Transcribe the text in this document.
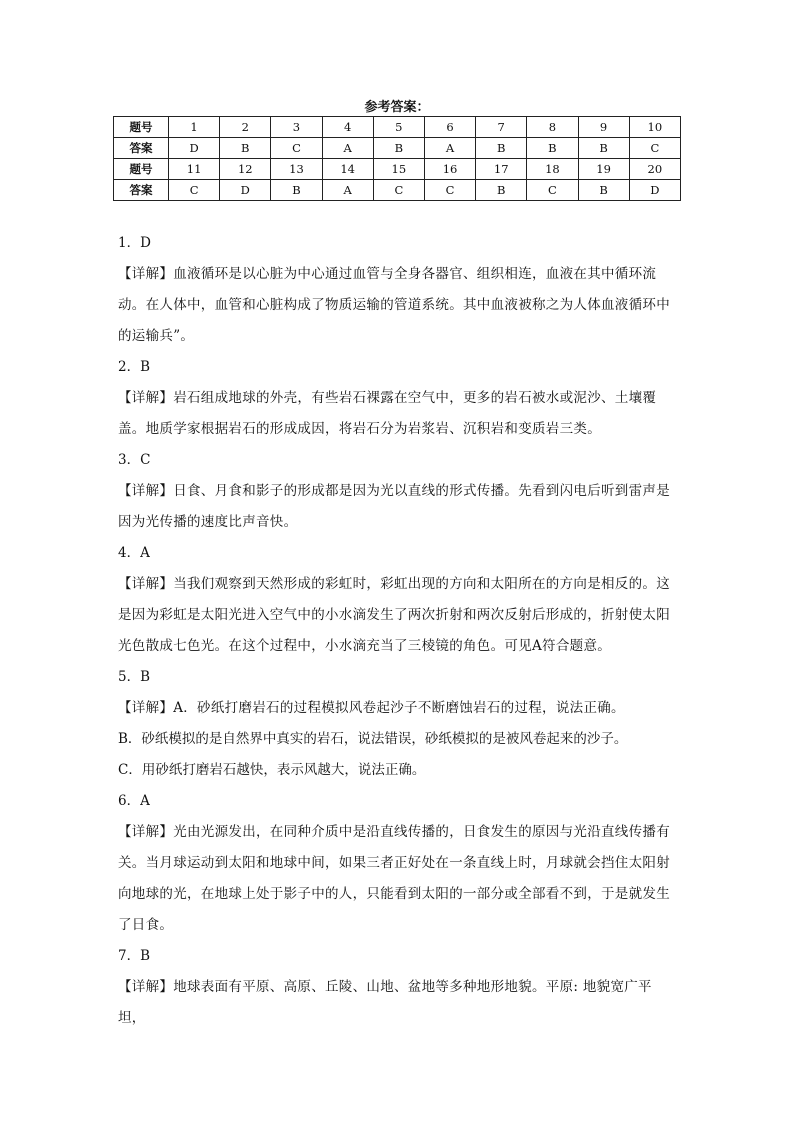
参考答案：
题号	1	2	3	4	5	6	7	8	9	10
答案	D	B	C	A	B	A	B	B	B	C
题号	11	12	13	14	15	16	17	18	19	20
答案	C	D	B	A	C	C	B	C	B	D
1．D
【详解】血液循环是以心脏为中心通过血管与全身各器官、组织相连，血液在其中循环流动。在人体中，血管和心脏构成了物质运输的管道系统。其中血液被称之为人体血液循环中的运输兵”。
2．B
【详解】岩石组成地球的外壳，有些岩石裸露在空气中，更多的岩石被水或泥沙、土壤覆盖。地质学家根据岩石的形成成因，将岩石分为岩浆岩、沉积岩和变质岩三类。
3．C
【详解】日食、月食和影子的形成都是因为光以直线的形式传播。先看到闪电后听到雷声是因为光传播的速度比声音快。
4．A
【详解】当我们观察到天然形成的彩虹时，彩虹出现的方向和太阳所在的方向是相反的。这是因为彩虹是太阳光进入空气中的小水滴发生了两次折射和两次反射后形成的，折射使太阳光色散成七色光。在这个过程中，小水滴充当了三棱镜的角色。可见A符合题意。
5．B
【详解】A．砂纸打磨岩石的过程模拟风卷起沙子不断磨蚀岩石的过程，说法正确。
B．砂纸模拟的是自然界中真实的岩石，说法错误，砂纸模拟的是被风卷起来的沙子。
C．用砂纸打磨岩石越快，表示风越大，说法正确。
6．A
【详解】光由光源发出，在同种介质中是沿直线传播的，日食发生的原因与光沿直线传播有关。当月球运动到太阳和地球中间，如果三者正好处在一条直线上时，月球就会挡住太阳射向地球的光，在地球上处于影子中的人，只能看到太阳的一部分或全部看不到，于是就发生了日食。
7．B
【详解】地球表面有平原、高原、丘陵、山地、盆地等多种地形地貌。平原: 地貌宽广平坦，
